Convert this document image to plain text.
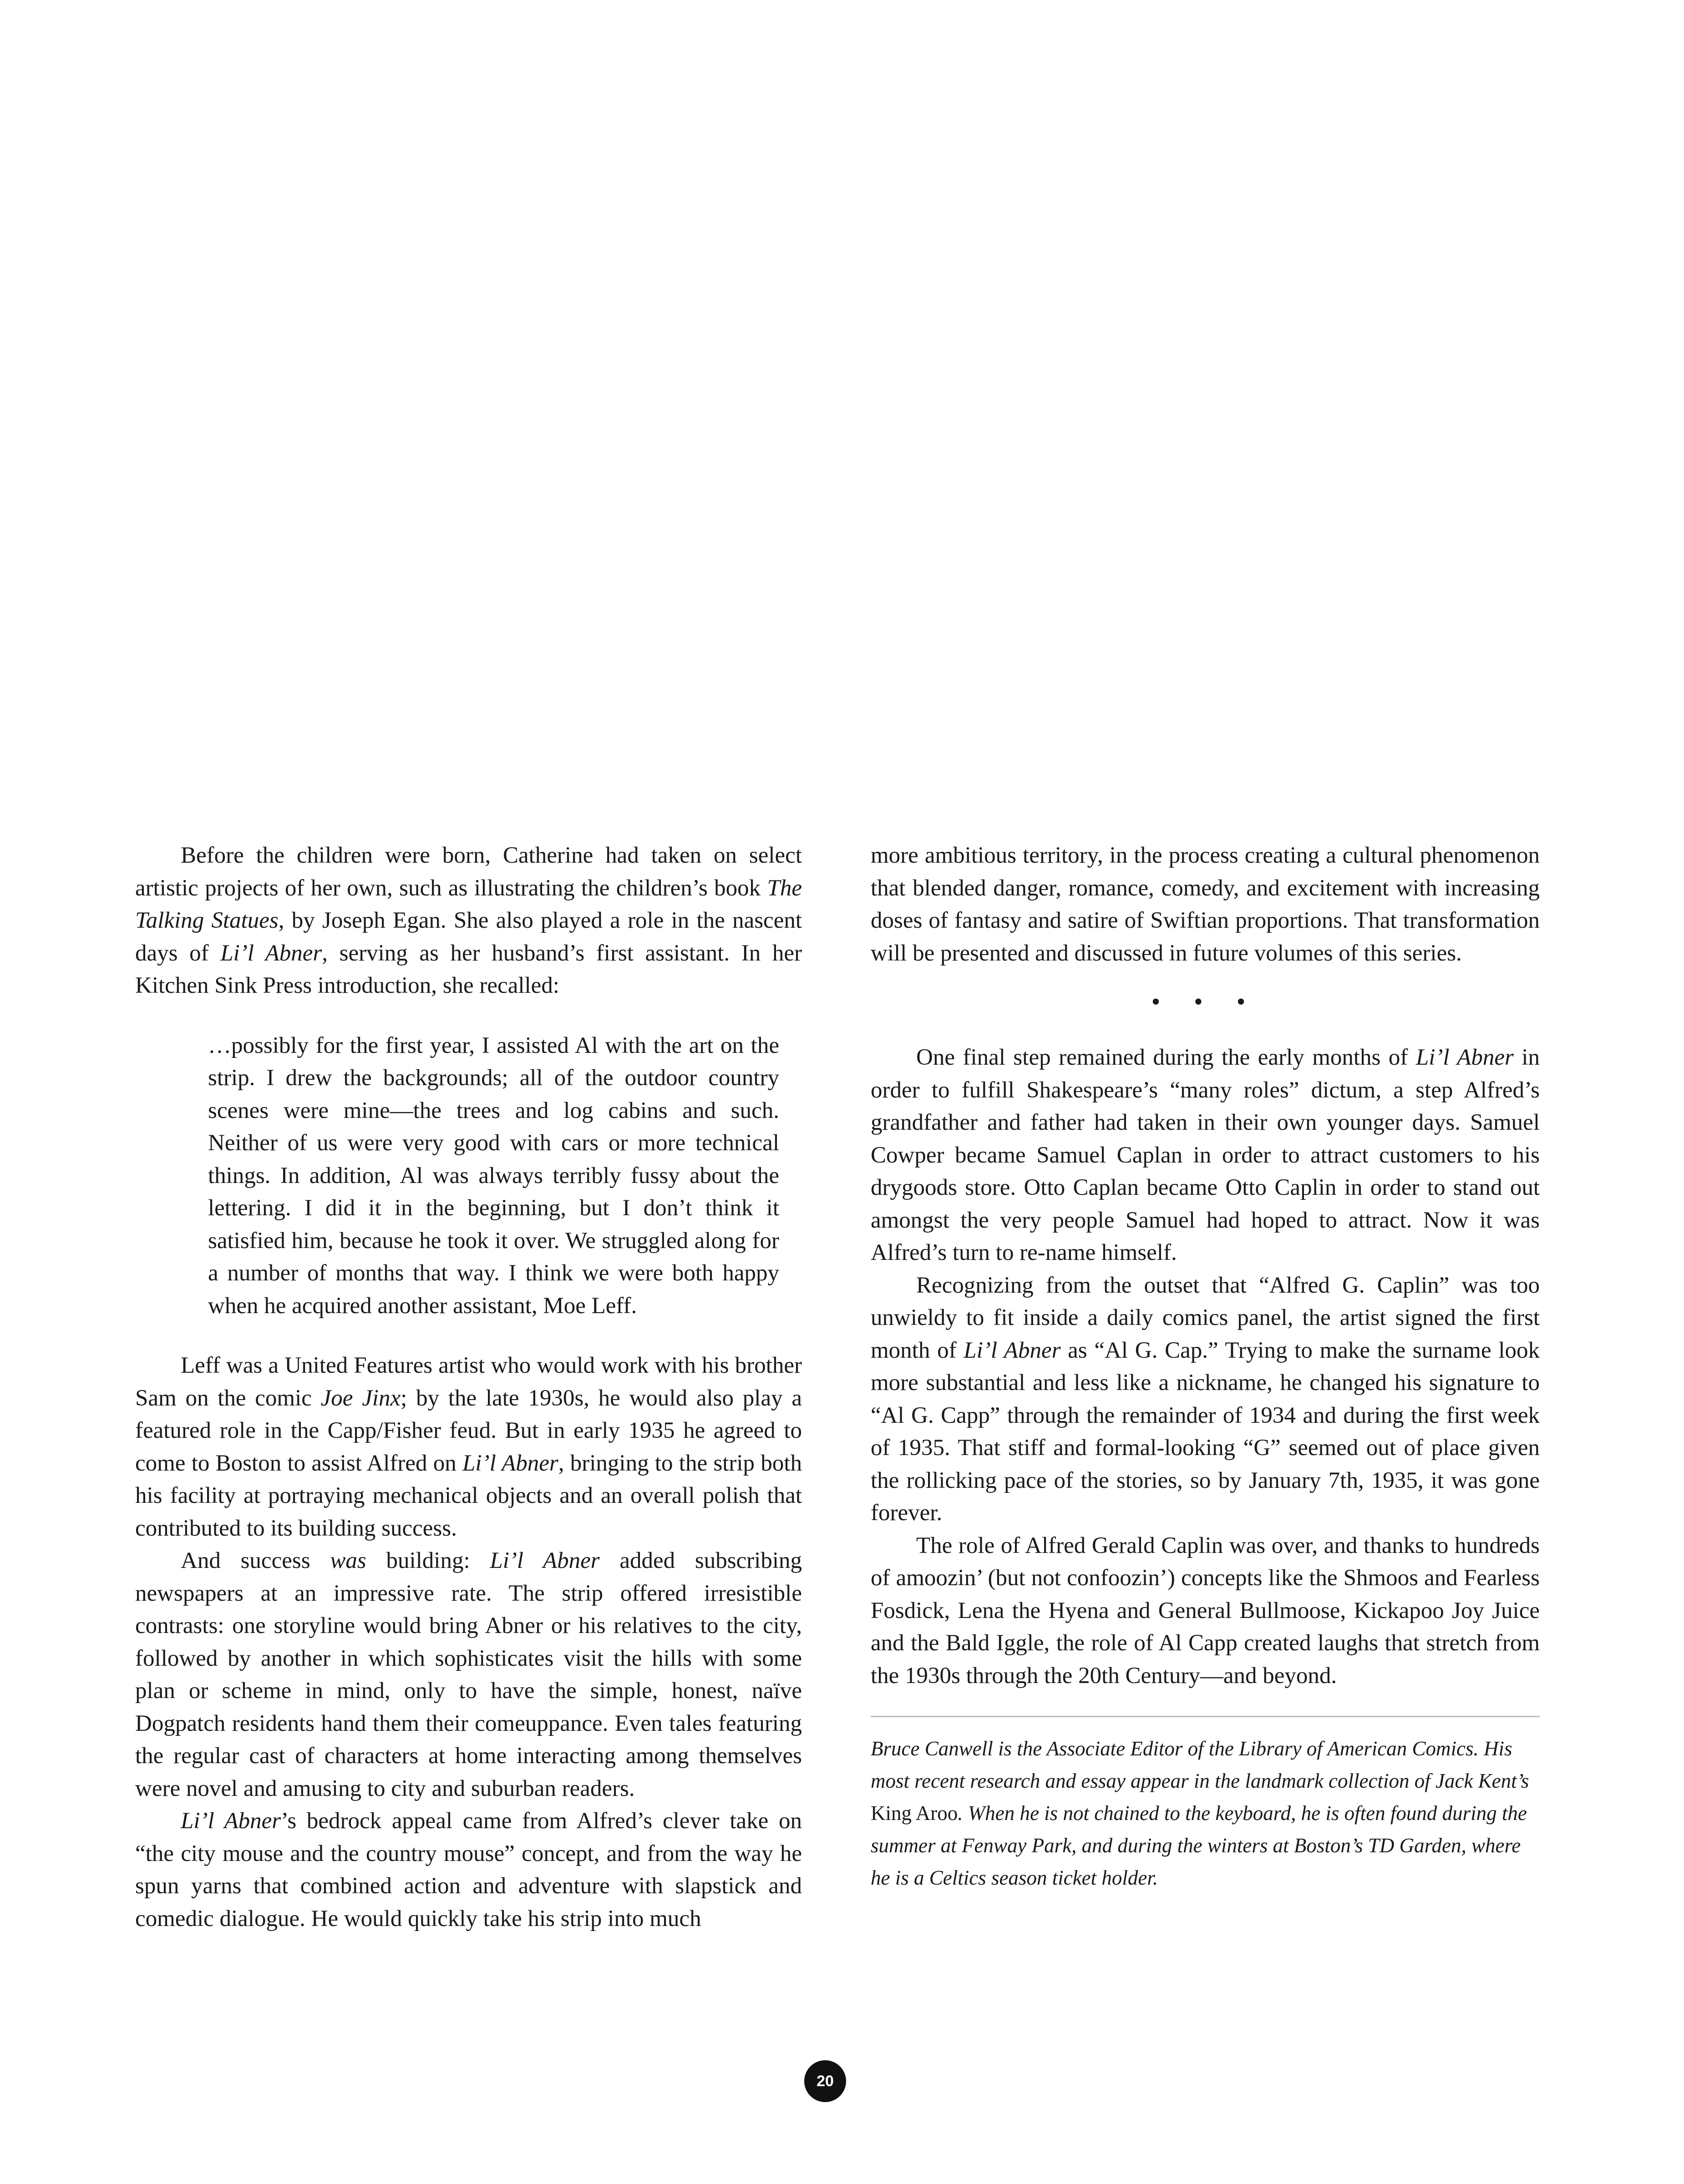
Before the children were born, Catherine had taken on select artistic projects of her own, such as illustrating the children’s book The Talking Statues, by Joseph Egan. She also played a role in the nascent days of Li’l Abner, serving as her husband’s first assistant. In her Kitchen Sink Press introduction, she recalled:

…possibly for the first year, I assisted Al with the art on the strip. I drew the backgrounds; all of the outdoor country scenes were mine—the trees and log cabins and such. Neither of us were very good with cars or more technical things. In addition, Al was always terribly fussy about the lettering. I did it in the beginning, but I don’t think it satisfied him, because he took it over. We struggled along for a number of months that way. I think we were both happy when he acquired another assistant, Moe Leff.

Leff was a United Features artist who would work with his brother Sam on the comic Joe Jinx; by the late 1930s, he would also play a featured role in the Capp/Fisher feud. But in early 1935 he agreed to come to Boston to assist Alfred on Li’l Abner, bringing to the strip both his facility at portraying mechanical objects and an overall polish that contributed to its building success.

And success was building: Li’l Abner added subscribing newspapers at an impressive rate. The strip offered irresistible contrasts: one storyline would bring Abner or his relatives to the city, followed by another in which sophisticates visit the hills with some plan or scheme in mind, only to have the simple, honest, naïve Dogpatch residents hand them their comeuppance. Even tales featuring the regular cast of characters at home interacting among themselves were novel and amusing to city and suburban readers.

Li’l Abner’s bedrock appeal came from Alfred’s clever take on “the city mouse and the country mouse” concept, and from the way he spun yarns that combined action and adventure with slapstick and comedic dialogue. He would quickly take his strip into much

more ambitious territory, in the process creating a cultural phenomenon that blended danger, romance, comedy, and excitement with increasing doses of fantasy and satire of Swiftian proportions. That transformation will be presented and discussed in future volumes of this series.

• • •

One final step remained during the early months of Li’l Abner in order to fulfill Shakespeare’s “many roles” dictum, a step Alfred’s grandfather and father had taken in their own younger days. Samuel Cowper became Samuel Caplan in order to attract customers to his drygoods store. Otto Caplan became Otto Caplin in order to stand out amongst the very people Samuel had hoped to attract. Now it was Alfred’s turn to re-name himself.

Recognizing from the outset that “Alfred G. Caplin” was too unwieldy to fit inside a daily comics panel, the artist signed the first month of Li’l Abner as “Al G. Cap.” Trying to make the surname look more substantial and less like a nickname, he changed his signature to “Al G. Capp” through the remainder of 1934 and during the first week of 1935. That stiff and formal-looking “G” seemed out of place given the rollicking pace of the stories, so by January 7th, 1935, it was gone forever.

The role of Alfred Gerald Caplin was over, and thanks to hundreds of amoozin’ (but not confoozin’) concepts like the Shmoos and Fearless Fosdick, Lena the Hyena and General Bullmoose, Kickapoo Joy Juice and the Bald Iggle, the role of Al Capp created laughs that stretch from the 1930s through the 20th Century—and beyond.

Bruce Canwell is the Associate Editor of the Library of American Comics. His most recent research and essay appear in the landmark collection of Jack Kent’s King Aroo. When he is not chained to the keyboard, he is often found during the summer at Fenway Park, and during the winters at Boston’s TD Garden, where he is a Celtics season ticket holder.

20
